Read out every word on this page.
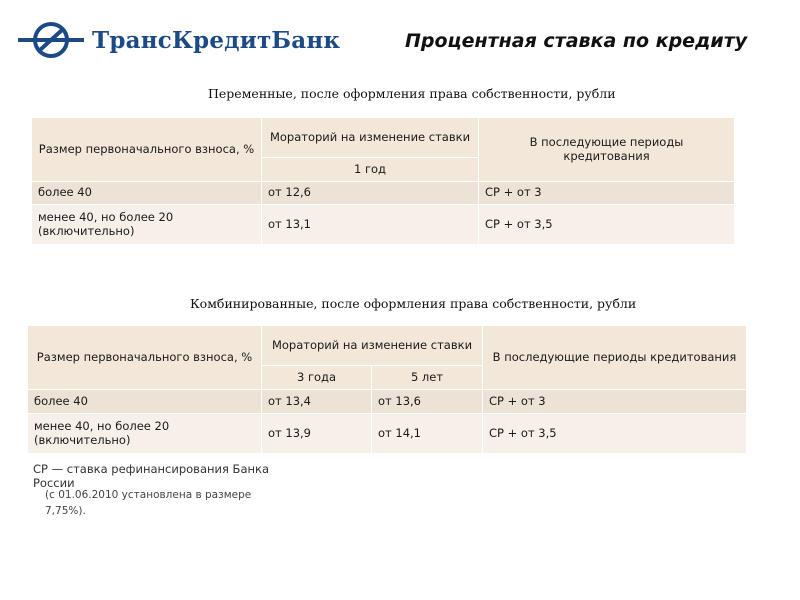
ТрансКредитБанк	Процентная ставка по кредиту
Переменные, после оформления права собственности, рубли
Размер первоначального взноса, %	Мораторий на изменение ставки	В последующие периоды кредитования
	1 год	
более 40	от 12,6	СР + от 3
менее 40, но более 20 (включительно)	от 13,1	СР + от 3,5
Комбинированные, после оформления права собственности, рубли
Размер первоначального взноса, %	Мораторий на изменение ставки		В последующие периоды кредитования
	3 года	5 лет	
более 40	от 13,4	от 13,6	СР + от 3
менее 40, но более 20 (включительно)	от 13,9	от 14,1	СР + от 3,5
СР — ставка рефинансирования Банка России
(с 01.06.2010 установлена в размере 7,75%).
